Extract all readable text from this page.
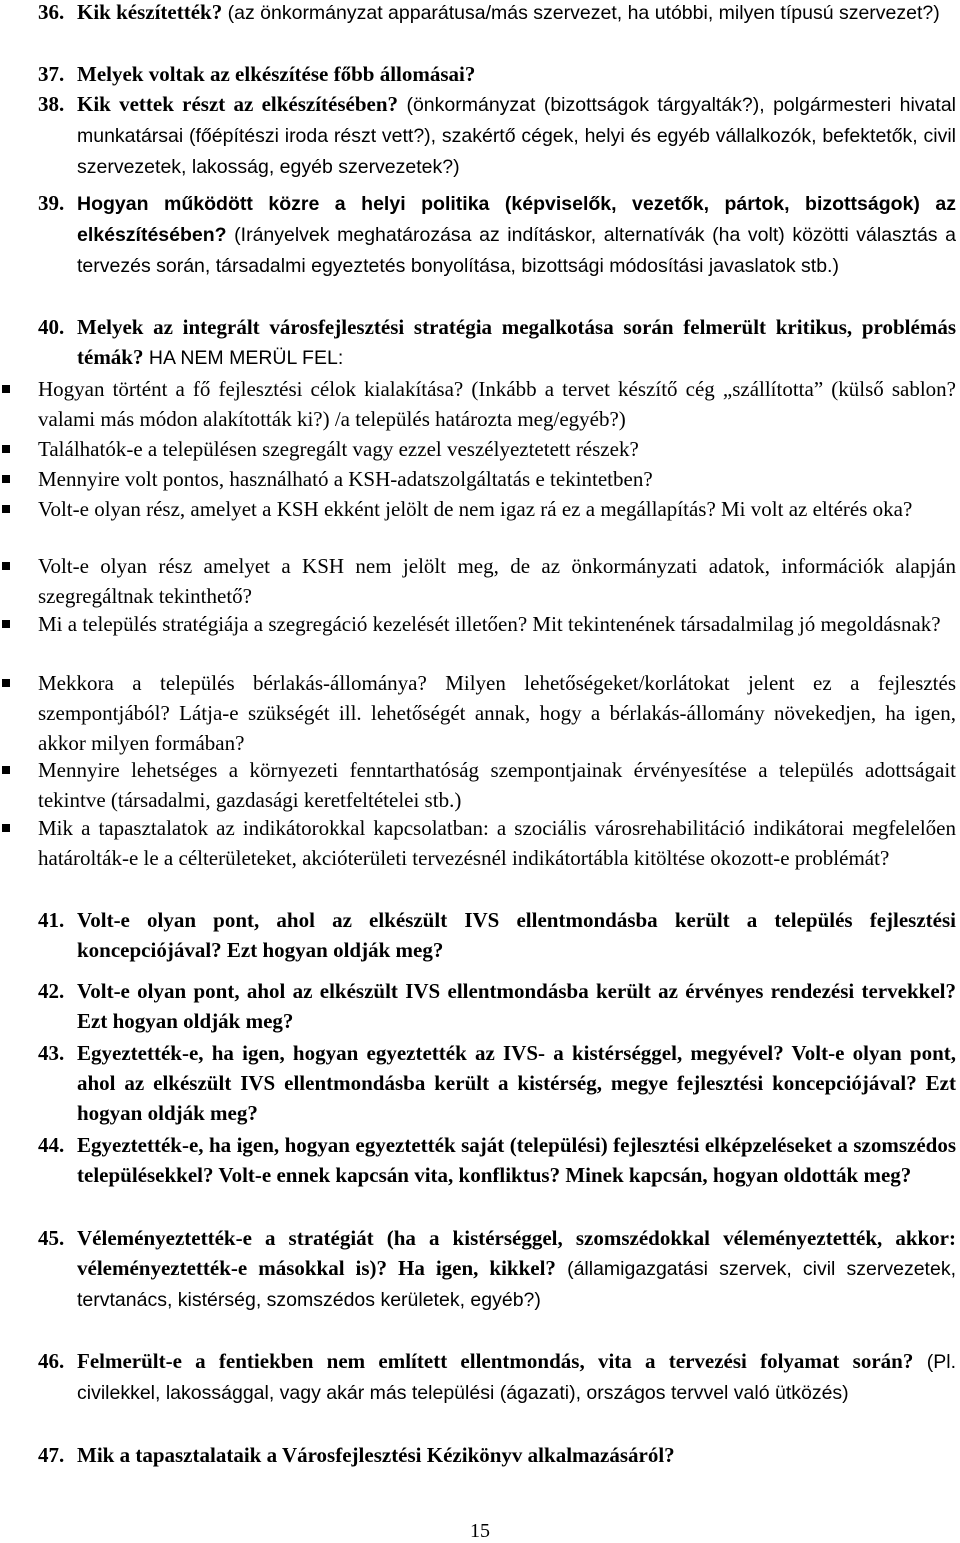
36. Kik készítették? (az önkormányzat apparátusa/más szervezet, ha utóbbi, milyen típusú szervezet?)
37. Melyek voltak az elkészítése főbb állomásai?
38. Kik vettek részt az elkészítésében? (önkormányzat (bizottságok tárgyalták?), polgármesteri hivatal munkatársai (főépítészi iroda részt vett?), szakértő cégek, helyi és egyéb vállalkozók, befektetők, civil szervezetek, lakosság, egyéb szervezetek?)
39. Hogyan működött közre a helyi politika (képviselők, vezetők, pártok, bizottságok) az elkészítésében? (Irányelvek meghatározása az indításkor, alternatívák (ha volt) közötti választás a tervezés során, társadalmi egyeztetés bonyolítása, bizottsági módosítási javaslatok stb.)
40. Melyek az integrált városfejlesztési stratégia megalkotása során felmerült kritikus, problémás témák? HA NEM MERÜL FEL:
Hogyan történt a fő fejlesztési célok kialakítása? (Inkább a tervet készítő cég „szállította” (külső sablon? valami más módon alakították ki?) /a település határozta meg/egyéb?)
Találhatók-e a településen szegregált vagy ezzel veszélyeztetett részek?
Mennyire volt pontos, használható a KSH-adatszolgáltatás e tekintetben?
Volt-e olyan rész, amelyet a KSH ekként jelölt de nem igaz rá ez a megállapítás? Mi volt az eltérés oka?
Volt-e olyan rész amelyet a KSH nem jelölt meg, de az önkormányzati adatok, információk alapján szegregáltnak tekinthető?
Mi a település stratégiája a szegregáció kezelését illetően? Mit tekintenének társadalmilag jó megoldásnak?
Mekkora a település bérlakás-állománya? Milyen lehetőségeket/korlátokat jelent ez a fejlesztés szempontjából? Látja-e szükségét ill. lehetőségét annak, hogy a bérlakás-állomány növekedjen, ha igen, akkor milyen formában?
Mennyire lehetséges a környezeti fenntarthatóság szempontjainak érvényesítése a település adottságait tekintve (társadalmi, gazdasági keretfeltételei stb.)
Mik a tapasztalatok az indikátorokkal kapcsolatban: a szociális városrehabilitáció indikátorai megfelelően határolták-e le a célterületeket, akcióterületi tervezésnél indikátortábla kitöltése okozott-e problémát?
41. Volt-e olyan pont, ahol az elkészült IVS ellentmondásba került a település fejlesztési koncepciójával? Ezt hogyan oldják meg?
42. Volt-e olyan pont, ahol az elkészült IVS ellentmondásba került az érvényes rendezési tervekkel? Ezt hogyan oldják meg?
43. Egyeztették-e, ha igen, hogyan egyeztették az IVS- a kistérséggel, megyével? Volt-e olyan pont, ahol az elkészült IVS ellentmondásba került a kistérség, megye fejlesztési koncepciójával? Ezt hogyan oldják meg?
44. Egyeztették-e, ha igen, hogyan egyeztették saját (települési) fejlesztési elképzeléseket a szomszédos településekkel? Volt-e ennek kapcsán vita, konfliktus? Minek kapcsán, hogyan oldották meg?
45. Véleményeztették-e a stratégiát (ha a kistérséggel, szomszédokkal véleményeztették, akkor: véleményeztették-e másokkal is)? Ha igen, kikkel? (államigazgatási szervek, civil szervezetek, tervtanács, kistérség, szomszédos kerületek, egyéb?)
46. Felmerült-e a fentiekben nem említett ellentmondás, vita a tervezési folyamat során? (Pl. civilekkel, lakossággal, vagy akár más települési (ágazati), országos tervvel való ütközés)
47. Mik a tapasztalataik a Városfejlesztési Kézikönyv alkalmazásáról?
15
